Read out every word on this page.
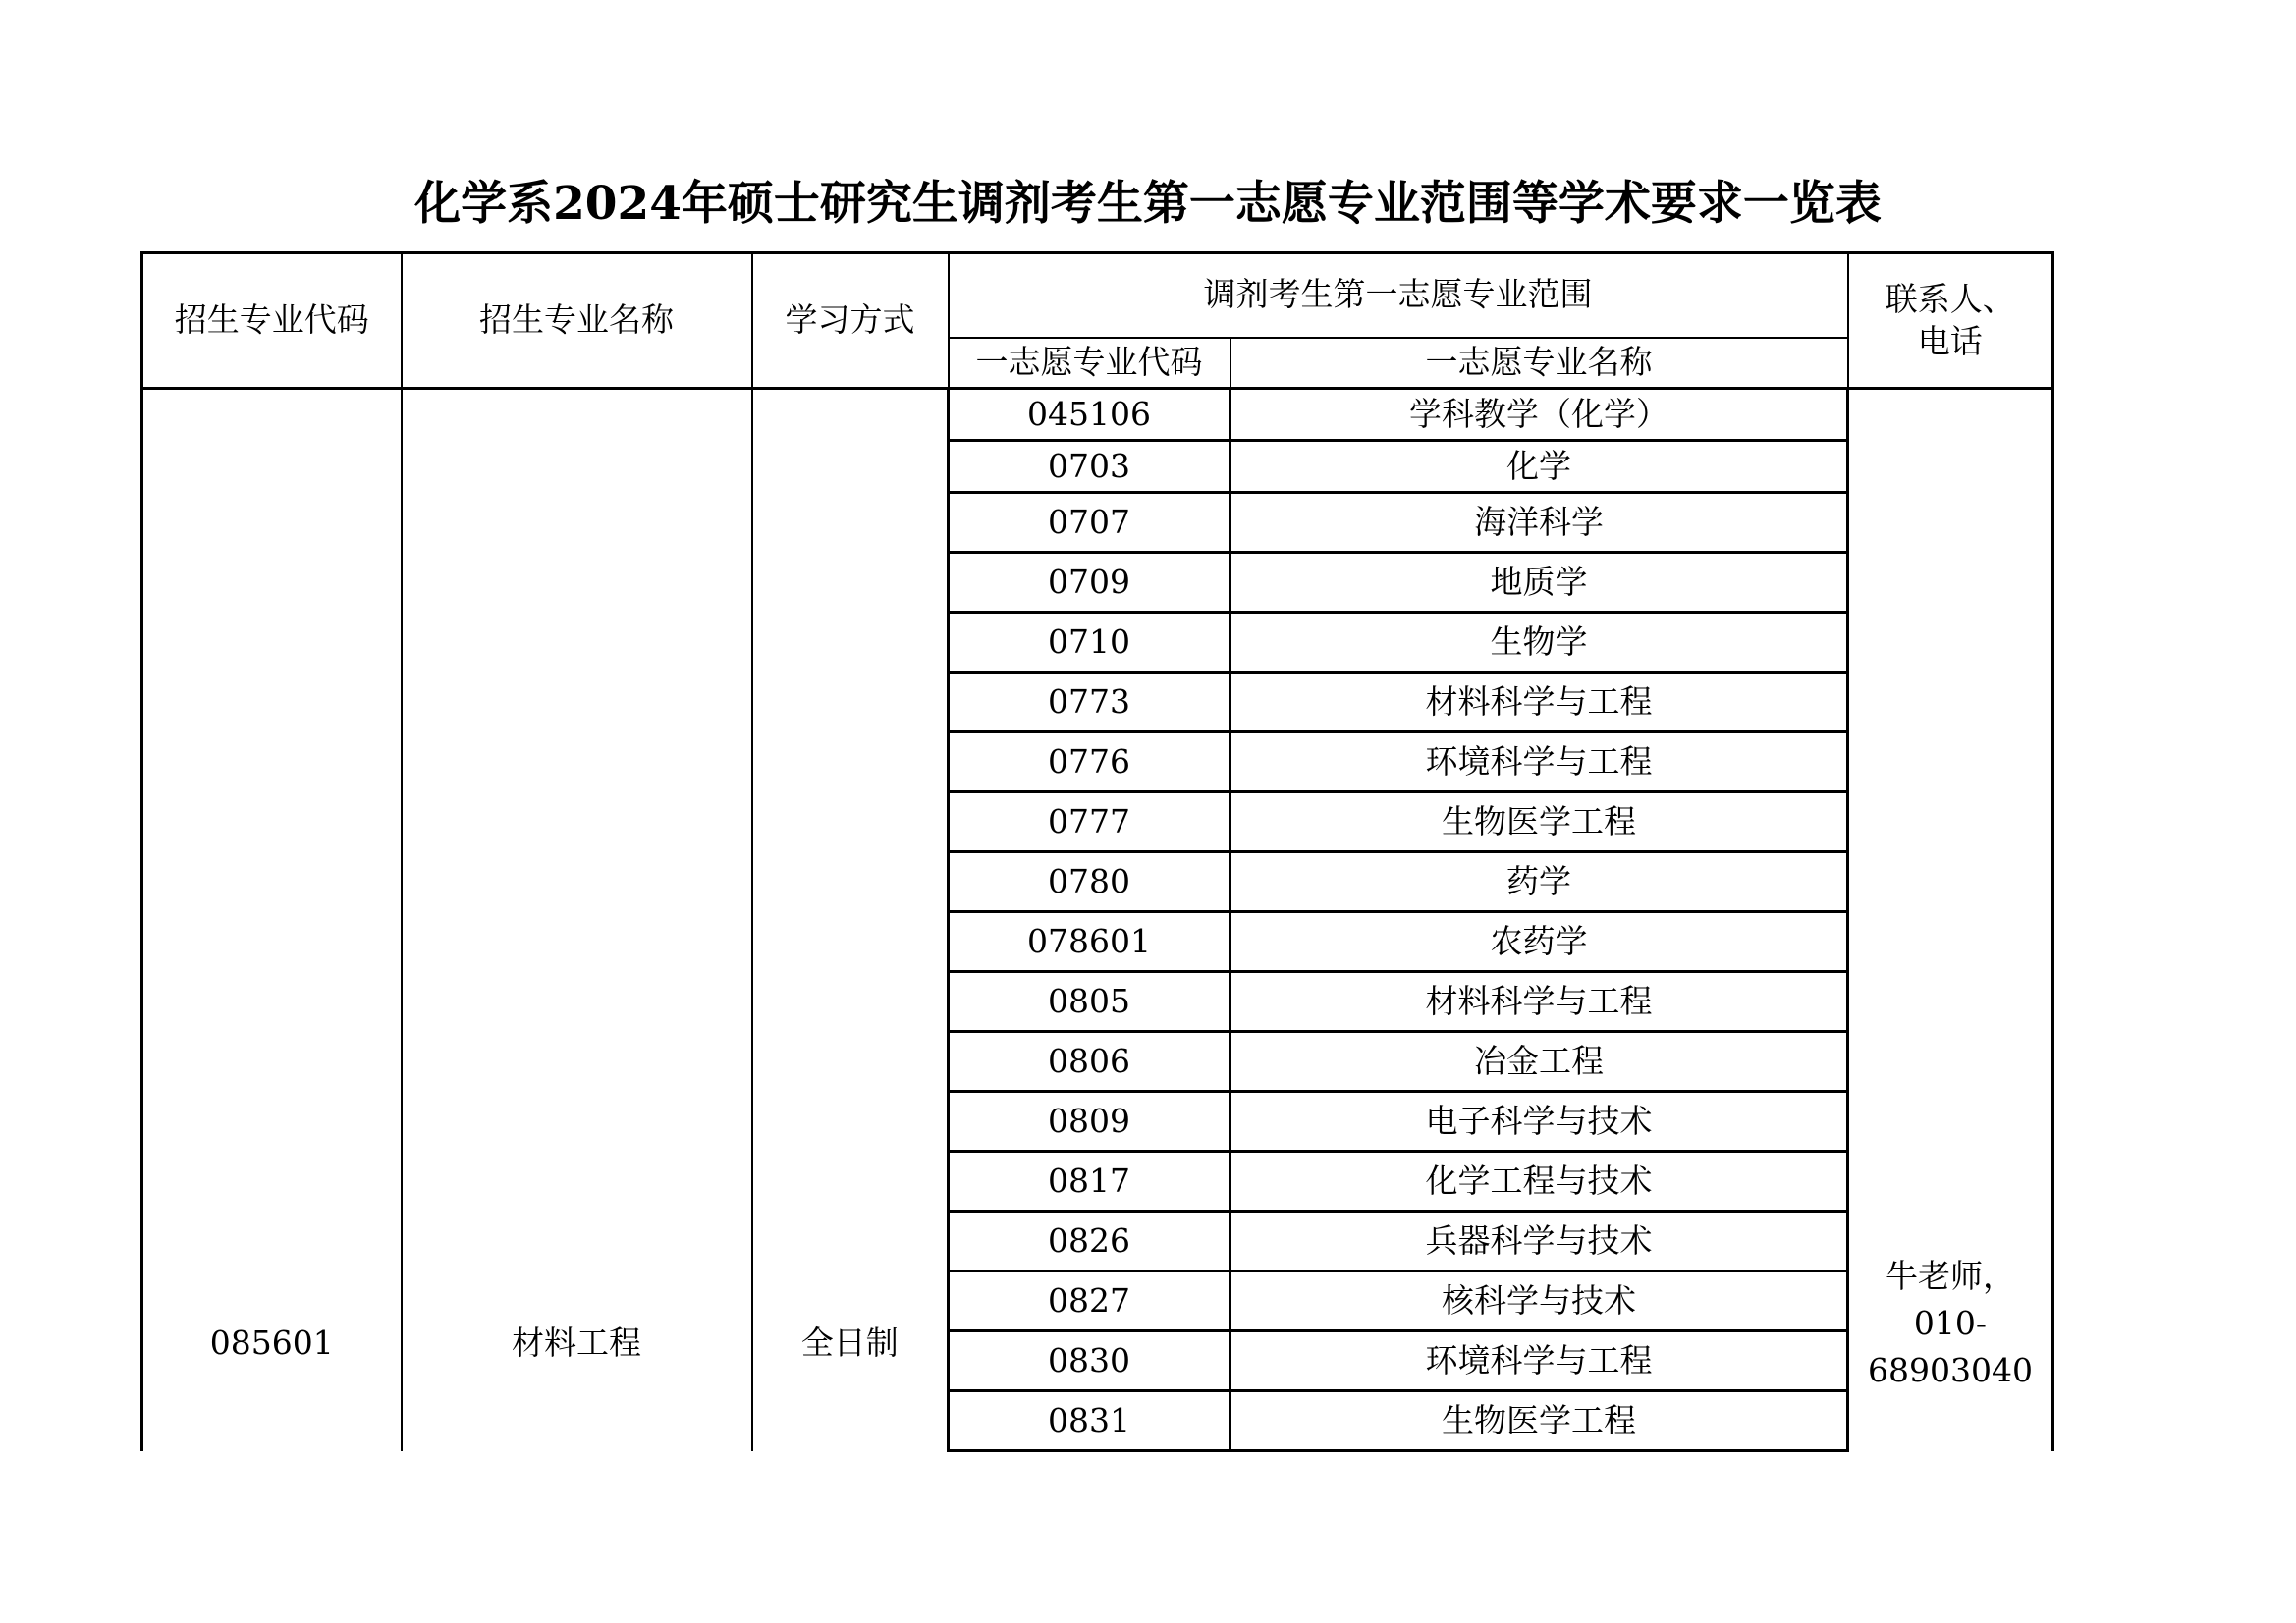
化学系2024年硕士研究生调剂考生第一志愿专业范围等学术要求一览表
招生专业代码	招生专业名称	学习方式	调剂考生第一志愿专业范围		联系人、电话
			一志愿专业代码	一志愿专业名称	
085601	材料工程	全日制	045106	学科教学（化学）	牛老师，
010-
68903040

			0703	化学	
			0707	海洋科学	
			0709	地质学	
			0710	生物学	
			0773	材料科学与工程	
			0776	环境科学与工程	
			0777	生物医学工程	
			0780	药学	
			078601	农药学	
			0805	材料科学与工程	
			0806	冶金工程	
			0809	电子科学与技术	
			0817	化学工程与技术	
			0826	兵器科学与技术	
			0827	核科学与技术	
			0830	环境科学与工程	
			0831	生物医学工程	
